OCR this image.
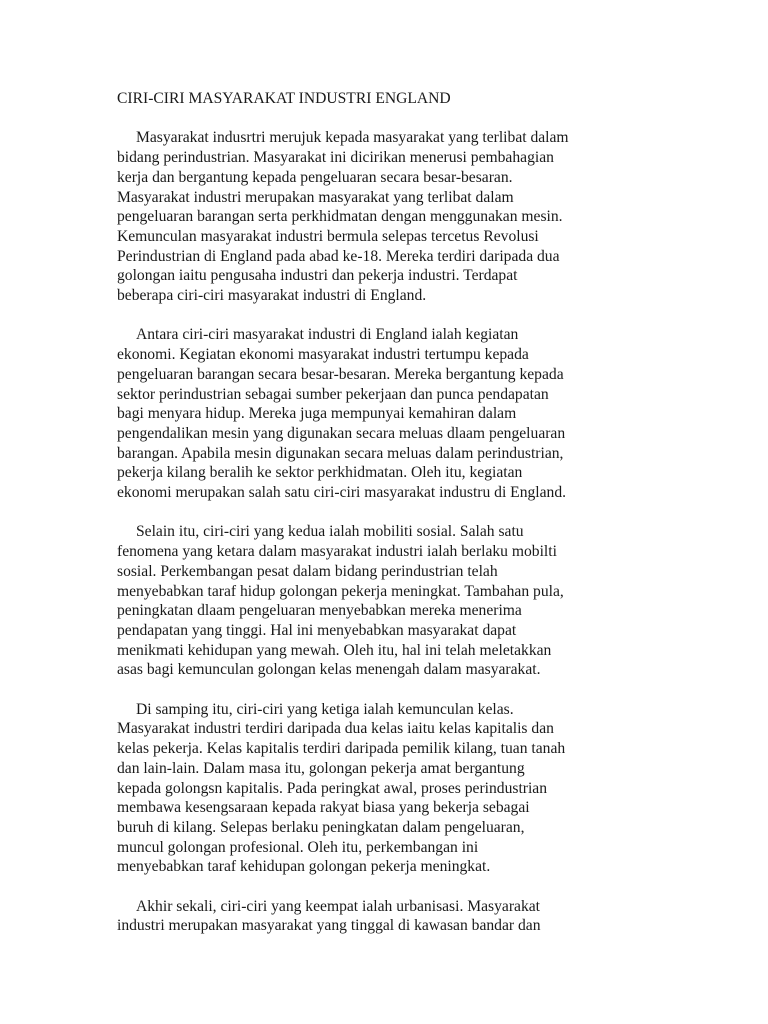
CIRI-CIRI MASYARAKAT INDUSTRI ENGLAND
Masyarakat indusrtri merujuk kepada masyarakat yang terlibat dalam
bidang perindustrian. Masyarakat ini dicirikan menerusi pembahagian
kerja dan bergantung kepada pengeluaran secara besar-besaran.
Masyarakat industri merupakan masyarakat yang terlibat dalam
pengeluaran barangan serta perkhidmatan dengan menggunakan mesin.
Kemunculan masyarakat industri bermula selepas tercetus Revolusi
Perindustrian di England pada abad ke-18. Mereka terdiri daripada dua
golongan iaitu pengusaha industri dan pekerja industri. Terdapat
beberapa ciri-ciri masyarakat industri di England.
Antara ciri-ciri masyarakat industri di England ialah kegiatan
ekonomi. Kegiatan ekonomi masyarakat industri tertumpu kepada
pengeluaran barangan secara besar-besaran. Mereka bergantung kepada
sektor perindustrian sebagai sumber pekerjaan dan punca pendapatan
bagi menyara hidup. Mereka juga mempunyai kemahiran dalam
pengendalikan mesin yang digunakan secara meluas dlaam pengeluaran
barangan. Apabila mesin digunakan secara meluas dalam perindustrian,
pekerja kilang beralih ke sektor perkhidmatan. Oleh itu, kegiatan
ekonomi merupakan salah satu ciri-ciri masyarakat industru di England.
Selain itu, ciri-ciri yang kedua ialah mobiliti sosial. Salah satu
fenomena yang ketara dalam masyarakat industri ialah berlaku mobilti
sosial. Perkembangan pesat dalam bidang perindustrian telah
menyebabkan taraf hidup golongan pekerja meningkat. Tambahan pula,
peningkatan dlaam pengeluaran menyebabkan mereka menerima
pendapatan yang tinggi. Hal ini menyebabkan masyarakat dapat
menikmati kehidupan yang mewah. Oleh itu, hal ini telah meletakkan
asas bagi kemunculan golongan kelas menengah dalam masyarakat.
Di samping itu, ciri-ciri yang ketiga ialah kemunculan kelas.
Masyarakat industri terdiri daripada dua kelas iaitu kelas kapitalis dan
kelas pekerja. Kelas kapitalis terdiri daripada pemilik kilang, tuan tanah
dan lain-lain. Dalam masa itu, golongan pekerja amat bergantung
kepada golongsn kapitalis. Pada peringkat awal, proses perindustrian
membawa kesengsaraan kepada rakyat biasa yang bekerja sebagai
buruh di kilang. Selepas berlaku peningkatan dalam pengeluaran,
muncul golongan profesional. Oleh itu, perkembangan ini
menyebabkan taraf kehidupan golongan pekerja meningkat.
Akhir sekali, ciri-ciri yang keempat ialah urbanisasi. Masyarakat
industri merupakan masyarakat yang tinggal di kawasan bandar dan
